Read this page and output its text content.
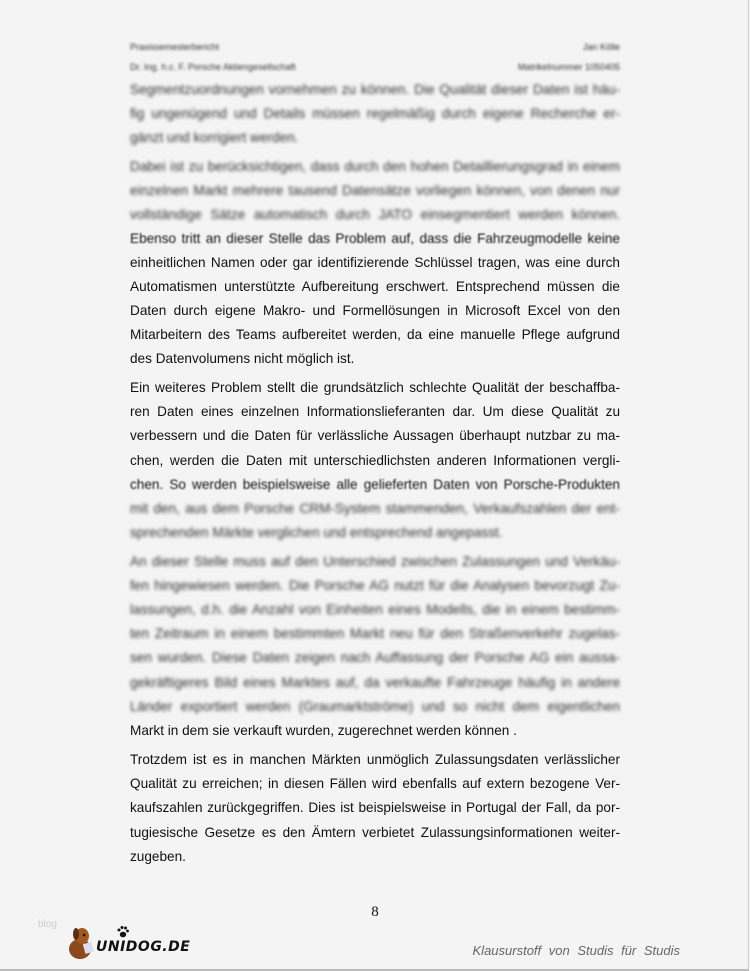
Praxissemesterbericht	Jan Kölle
Dr. Ing. h.c. F. Porsche Aktiengesellschaft	Matrikelnummer 1050405
Segmentzuordnungen vornehmen zu können. Die Qualität dieser Daten ist häu-
fig ungenügend und Details müssen regelmäßig durch eigene Recherche er-
gänzt und korrigiert werden.
Dabei ist zu berücksichtigen, dass durch den hohen Detaillierungsgrad in einem
einzelnen Markt mehrere tausend Datensätze vorliegen können, von denen nur
vollständige Sätze automatisch durch JATO einsegmentiert werden können.
Ebenso tritt an dieser Stelle das Problem auf, dass die Fahrzeugmodelle keine
einheitlichen Namen oder gar identifizierende Schlüssel tragen, was eine durch
Automatismen unterstützte Aufbereitung erschwert. Entsprechend müssen die
Daten durch eigene Makro- und Formellösungen in Microsoft Excel von den
Mitarbeitern des Teams aufbereitet werden, da eine manuelle Pflege aufgrund
des Datenvolumens nicht möglich ist.
Ein weiteres Problem stellt die grundsätzlich schlechte Qualität der beschaffba-
ren Daten eines einzelnen Informationslieferanten dar. Um diese Qualität zu
verbessern und die Daten für verlässliche Aussagen überhaupt nutzbar zu ma-
chen, werden die Daten mit unterschiedlichsten anderen Informationen vergli-
chen. So werden beispielsweise alle gelieferten Daten von Porsche-Produkten
mit den, aus dem Porsche CRM-System stammenden, Verkaufszahlen der ent-
sprechenden Märkte verglichen und entsprechend angepasst.
An dieser Stelle muss auf den Unterschied zwischen Zulassungen und Verkäu-
fen hingewiesen werden. Die Porsche AG nutzt für die Analysen bevorzugt Zu-
lassungen, d.h. die Anzahl von Einheiten eines Modells, die in einem bestimm-
ten Zeitraum in einem bestimmten Markt neu für den Straßenverkehr zugelas-
sen wurden. Diese Daten zeigen nach Auffassung der Porsche AG ein aussa-
gekräftigeres Bild eines Marktes auf, da verkaufte Fahrzeuge häufig in andere
Länder exportiert werden (Graumarktströme) und so nicht dem eigentlichen
Markt in dem sie verkauft wurden, zugerechnet werden können .
Trotzdem ist es in manchen Märkten unmöglich Zulassungsdaten verlässlicher
Qualität zu erreichen; in diesen Fällen wird ebenfalls auf extern bezogene Ver-
kaufszahlen zurückgegriffen. Dies ist beispielsweise in Portugal der Fall, da por-
tugiesische Gesetze es den Ämtern verbietet Zulassungsinformationen weiter-
zugeben.
8
blog
UNIDOG.DE	Klausurstoff von Studis für Studis
